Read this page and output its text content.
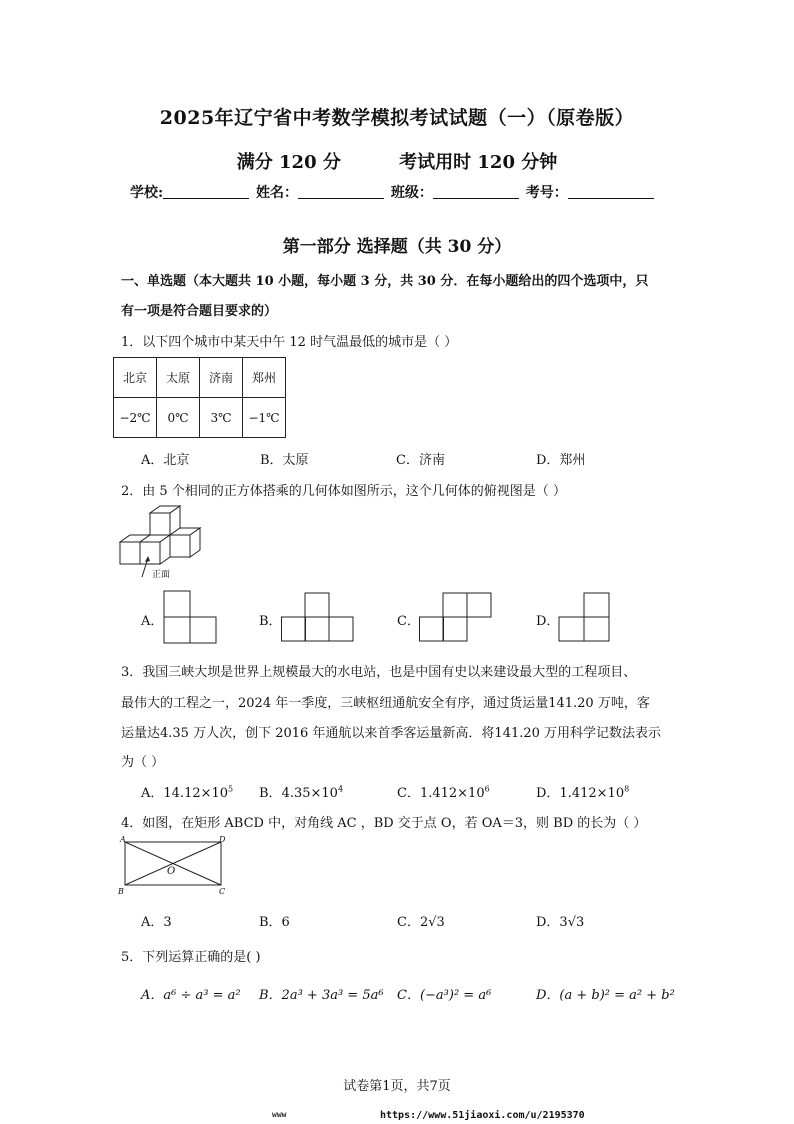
2025年辽宁省中考数学模拟考试试题（一）（原卷版）
满分 120 分	考试用时 120 分钟
学校:	姓名：	班级：	考号：
第一部分 选择题（共 30 分）
一、单选题（本大题共 10 小题，每小题 3 分，共 30 分．在每小题给出的四个选项中，只
有一项是符合题目要求的）
1．以下四个城市中某天中午 12 时气温最低的城市是（ ）
北京	太原	济南	郑州
−2℃	0℃	3℃	−1℃
A．北京	B．太原	C．济南	D．郑州
2．由 5 个相同的正方体搭乘的几何体如图所示，这个几何体的俯视图是（ ）
正面
A．	B．	C．	D．
3．我国三峡大坝是世界上规模最大的水电站，也是中国有史以来建设最大型的工程项目、
最伟大的工程之一，2024 年一季度，三峡枢纽通航安全有序，通过货运量141.20 万吨，客
运量达4.35 万人次，创下 2016 年通航以来首季客运量新高．将141.20 万用科学记数法表示
为（ ）
A．$14.12\times 10^5$ B．$4.35\times 10^4$	C．$1.412\times 10^6$	D．$1.412\times 10^8$
4．如图，在矩形 ABCD 中，对角线 AC ，BD 交于点 O，若 OA＝3，则 BD 的长为（ ）
A
B	C
D
O
A．3	B．6	C．2√3	D．3√3
5．下列运算正确的是( )
A．a⁶ ÷ a³ = a² B．2a³ + 3a³ = 5a⁶ C．(−a³)² = a⁶	D．(a + b)² = a² + b²
试卷第1页，共7页
www	https://www.51jiaoxi.com/u/2195370
